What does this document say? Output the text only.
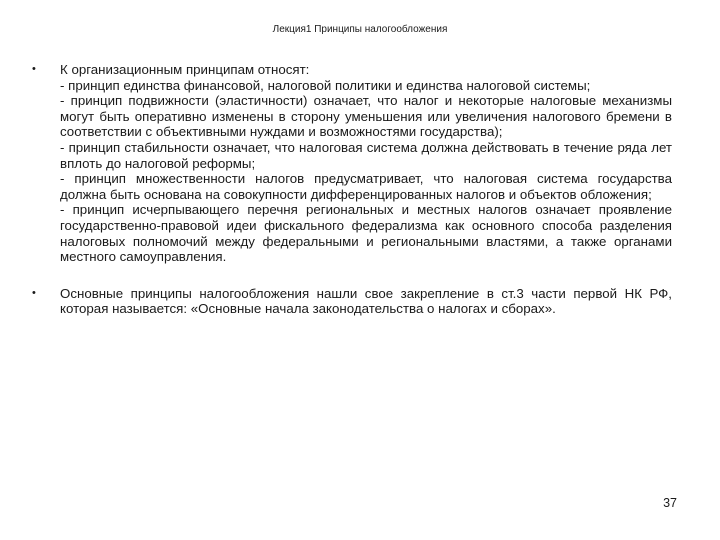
Лекция1 Принципы налогообложения
• К организационным принципам относят:
- принцип единства финансовой, налоговой политики и единства налоговой системы;
- принцип подвижности (эластичности) означает, что налог и некоторые налоговые механизмы могут быть оперативно изменены в сторону уменьшения или увеличения налогового бремени в соответствии с объективными нуждами и возможностями государства);
- принцип стабильности означает, что налоговая система должна действовать в течение ряда лет вплоть до налоговой реформы;
- принцип множественности налогов предусматривает, что налоговая система государства должна быть основана на совокупности дифференцированных налогов и объектов обложения;
- принцип исчерпывающего перечня региональных и местных налогов означает проявление государственно-правовой идеи фискального федерализма как основного способа разделения налоговых полномочий между федеральными и региональными властями, а также органами местного самоуправления.
• Основные принципы налогообложения нашли свое закрепление в ст.3 части первой НК РФ, которая называется: «Основные начала законодательства о налогах и сборах».
37
